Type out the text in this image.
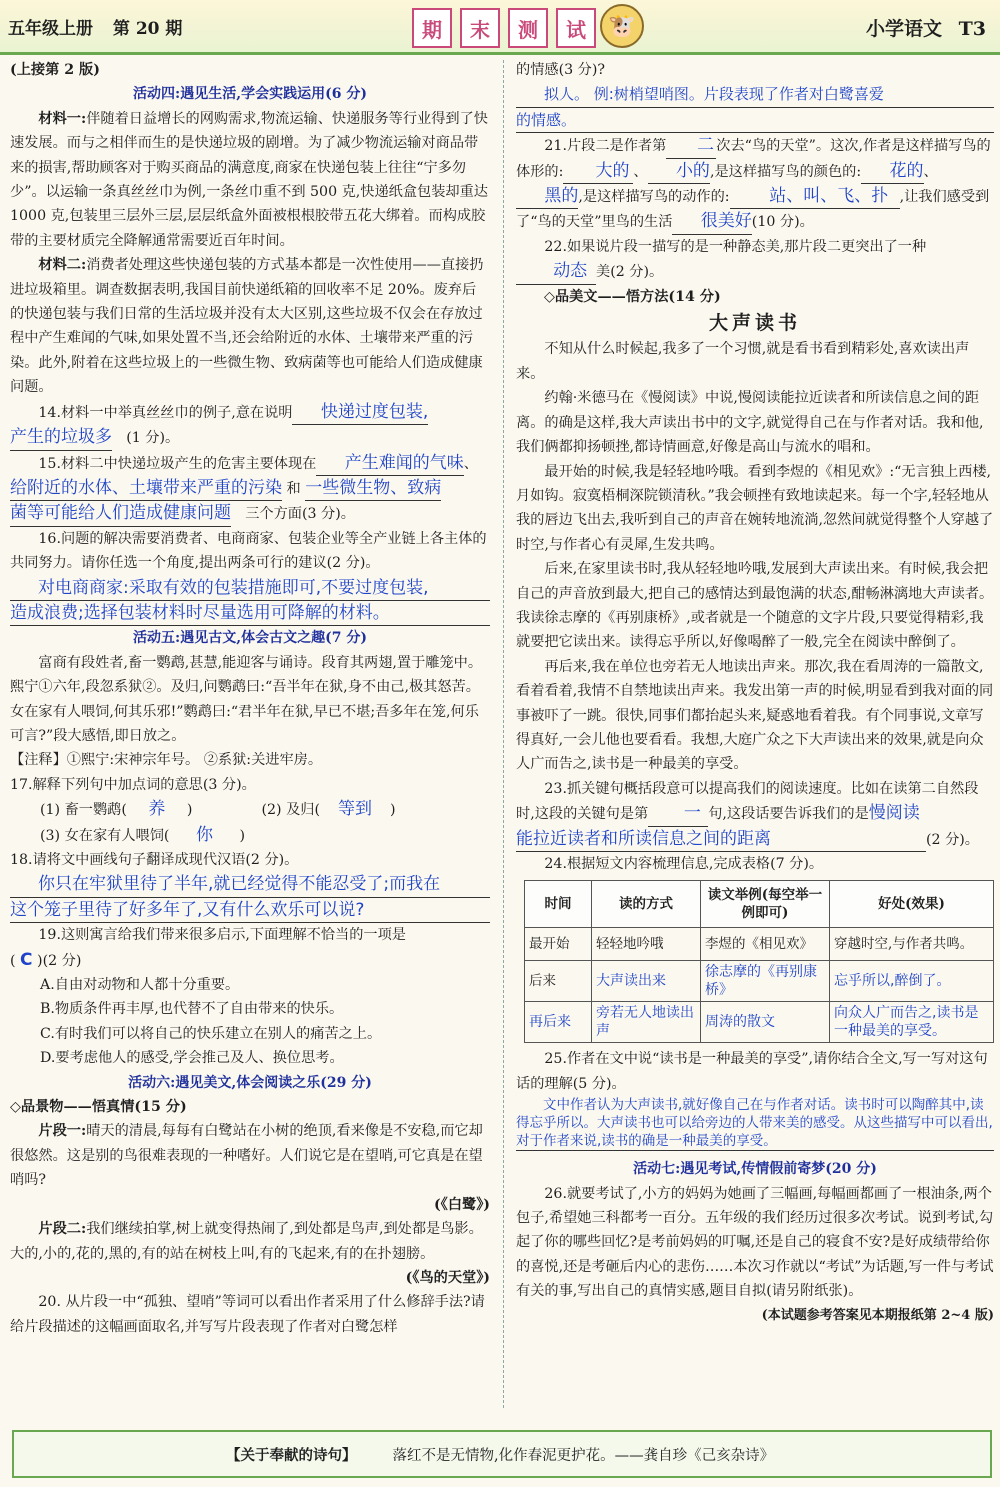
五年级上册 第 20 期	期	末	测	试	🐮	小学语文 T3

(上接第 2 版)

活动四:遇见生活,学会实践运用(6 分)

材料一:伴随着日益增长的网购需求,物流运输、快递服务等行业得到了快速发展。而与之相伴而生的是快递垃圾的剧增。为了减少物流运输对商品带来的损害,帮助顾客对于购买商品的满意度,商家在快递包装上往往“宁多勿少”。以运输一条真丝丝巾为例,一条丝巾重不到 500 克,快递纸盒包装却重达 1000 克,包装里三层外三层,层层纸盒外面被根根胶带五花大绑着。而构成胶带的主要材质完全降解通常需要近百年时间。

材料二:消费者处理这些快递包装的方式基本都是一次性使用——直接扔进垃圾箱里。调查数据表明,我国目前快递纸箱的回收率不足 20%。废弃后的快递包装与我们日常的生活垃圾并没有太大区别,这些垃圾不仅会在存放过程中产生难闻的气味,如果处置不当,还会给附近的水体、土壤带来严重的污染。此外,附着在这些垃圾上的一些微生物、致病菌等也可能给人们造成健康问题。

14.材料一中举真丝丝巾的例子,意在说明 快递过度包装,

产生的垃圾多　 (1 分)。

15.材料二中快递垃圾产生的危害主要体现在 产生难闻的气味、

给附近的水体、土壤带来严重的污染 和 一些微生物、致病

菌等可能给人们造成健康问题　 三个方面(3 分)。

16.问题的解决需要消费者、电商商家、包装企业等全产业链上各主体的共同努力。请你任选一个角度,提出两条可行的建议(2 分)。

对电商商家:采取有效的包装措施即可,不要过度包装,

造成浪费;选择包装材料时尽量选用可降解的材料。

活动五:遇见古文,体会古文之趣(7 分)

富商有段姓者,畜一鹦鹉,甚慧,能迎客与诵诗。段育其两翅,置于雕笼中。熙宁①六年,段忽系狱②。及归,问鹦鹉曰:“吾半年在狱,身不由己,极其怒苦。女在家有人喂饲,何其乐邪!”鹦鹉曰:“君半年在狱,早已不堪;吾多年在笼,何乐可言?”段大感悟,即日放之。

【注释】①熙宁:宋神宗年号。 ②系狱:关进牢房。

17.解释下列句中加点词的意思(3 分)。

(1) 畜一鹦鹉( 养 )	(2) 及归( 等到 )

(3) 女在家有人喂饲( 你 )

18.请将文中画线句子翻译成现代汉语(2 分)。

你只在牢狱里待了半年,就已经觉得不能忍受了;而我在

这个笼子里待了好多年了,又有什么欢乐可以说?

19.这则寓言给我们带来很多启示,下面理解不恰当的一项是

( C )(2 分)

A.自由对动物和人都十分重要。

B.物质条件再丰厚,也代替不了自由带来的快乐。

C.有时我们可以将自己的快乐建立在别人的痛苦之上。

D.要考虑他人的感受,学会推己及人、换位思考。

活动六:遇见美文,体会阅读之乐(29 分)

◇品景物——悟真情(15 分)

片段一:晴天的清晨,每每有白鹭站在小树的绝顶,看来像是不安稳,而它却很悠然。这是别的鸟很难表现的一种嗜好。人们说它是在望哨,可它真是在望哨吗?

(《白鹭》)

片段二:我们继续拍掌,树上就变得热闹了,到处都是鸟声,到处都是鸟影。大的,小的,花的,黑的,有的站在树枝上叫,有的飞起来,有的在扑翅膀。

(《鸟的天堂》)

20. 从片段一中“孤独、望哨”等词可以看出作者采用了什么修辞手法?请给片段描述的这幅画面取名,并写写片段表现了作者对白鹭怎样

的情感(3 分)?

拟人。 例:树梢望哨图。片段表现了作者对白鹭喜爱

的情感。

21.片段二是作者第 二 次去“鸟的天堂”。这次,作者是这样描写鸟的体形的: 大的 、 小的,是这样描写鸟的颜色的: 花的、黑的,是这样描写鸟的动作的: 站、叫、飞、扑 ,让我们感受到了“鸟的天堂”里鸟的生活 很美好(10 分)。

22.如果说片段一描写的是一种静态美,那片段二更突出了一种动态 美(2 分)。

◇品美文——悟方法(14 分)

大声读书

不知从什么时候起,我多了一个习惯,就是看书看到精彩处,喜欢读出声来。

约翰·米德马在《慢阅读》中说,慢阅读能拉近读者和所读信息之间的距离。的确是这样,我大声读出书中的文字,就觉得自己在与作者对话。我和他,我们俩都抑扬顿挫,都诗情画意,好像是高山与流水的唱和。

最开始的时候,我是轻轻地吟哦。看到李煜的《相见欢》:“无言独上西楼,月如钩。寂寞梧桐深院锁清秋。”我会顿挫有致地读起来。每一个字,轻轻地从我的唇边飞出去,我听到自己的声音在婉转地流淌,忽然间就觉得整个人穿越了时空,与作者心有灵犀,生发共鸣。

后来,在家里读书时,我从轻轻地吟哦,发展到大声读出来。有时候,我会把自己的声音放到最大,把自己的感情达到最饱满的状态,酣畅淋漓地大声读者。我读徐志摩的《再别康桥》,或者就是一个随意的文字片段,只要觉得精彩,我就要把它读出来。读得忘乎所以,好像喝醉了一般,完全在阅读中醉倒了。

再后来,我在单位也旁若无人地读出声来。那次,我在看周涛的一篇散文,看着看着,我情不自禁地读出声来。我发出第一声的时候,明显看到我对面的同事被吓了一跳。很快,同事们都抬起头来,疑惑地看着我。有个同事说,文章写得真好,一会儿他也要看看。我想,大庭广众之下大声读出来的效果,就是向众人广而告之,读书是一种最美的享受。

23.抓关键句概括段意可以提高我们的阅读速度。比如在读第二自然段时,这段的关键句是第 一 句,这段话要告诉我们的是慢阅读

能拉近读者和所读信息之间的距离	(2 分)。

24.根据短文内容梳理信息,完成表格(7 分)。

时间	读的方式	读文举例(每空举一例即可)	好处(效果)
最开始	轻轻地吟哦	李煜的《相见欢》	穿越时空,与作者共鸣。
后来	大声读出来	徐志摩的《再别康桥》	忘乎所以,醉倒了。
再后来	旁若无人地读出声	周涛的散文	向众人广而告之,读书是一种最美的享受。

25.作者在文中说“读书是一种最美的享受”,请你结合全文,写一写对这句话的理解(5 分)。

文中作者认为大声读书,就好像自己在与作者对话。读书时可以陶醉其中,读得忘乎所以。大声读书也可以给旁边的人带来美的感受。从这些描写中可以看出,对于作者来说,读书的确是一种最美的享受。

活动七:遇见考试,传情假前寄梦(20 分)

26.就要考试了,小方的妈妈为她画了三幅画,每幅画都画了一根油条,两个包子,希望她三科都考一百分。五年级的我们经历过很多次考试。说到考试,勾起了你的哪些回忆?是考前妈妈的叮嘱,还是自己的寝食不安?是好成绩带给你的喜悦,还是考砸后内心的悲伤……本次习作就以“考试”为话题,写一件与考试有关的事,写出自己的真情实感,题目自拟(请另附纸张)。

(本试题参考答案见本期报纸第 2~4 版)

【关于奉献的诗句】 落红不是无情物,化作春泥更护花。——龚自珍《己亥杂诗》
